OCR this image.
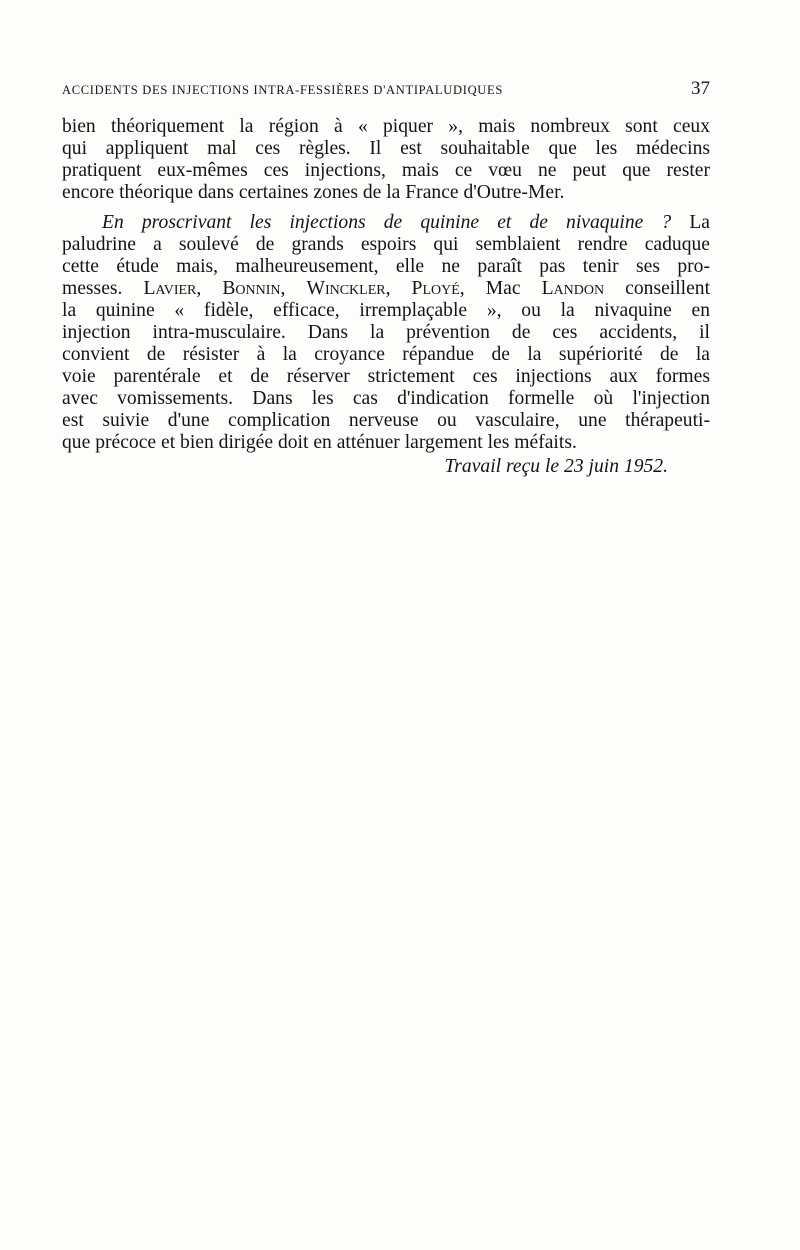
ACCIDENTS DES INJECTIONS INTRA-FESSIÈRES D'ANTIPALUDIQUES	37
bien théoriquement la région à « piquer », mais nombreux sont ceux
qui appliquent mal ces règles. Il est souhaitable que les médecins
pratiquent eux-mêmes ces injections, mais ce vœu ne peut que rester
encore théorique dans certaines zones de la France d'Outre-Mer.
En proscrivant les injections de quinine et de nivaquine ? La
paludrine a soulevé de grands espoirs qui semblaient rendre caduque
cette étude mais, malheureusement, elle ne paraît pas tenir ses pro-
messes. Lavier, Bonnin, Winckler, Ployé, Mac Landon conseillent
la quinine « fidèle, efficace, irremplaçable », ou la nivaquine en
injection intra-musculaire. Dans la prévention de ces accidents, il
convient de résister à la croyance répandue de la supériorité de la
voie parentérale et de réserver strictement ces injections aux formes
avec vomissements. Dans les cas d'indication formelle où l'injection
est suivie d'une complication nerveuse ou vasculaire, une thérapeuti-
que précoce et bien dirigée doit en atténuer largement les méfaits.
Travail reçu le 23 juin 1952.
